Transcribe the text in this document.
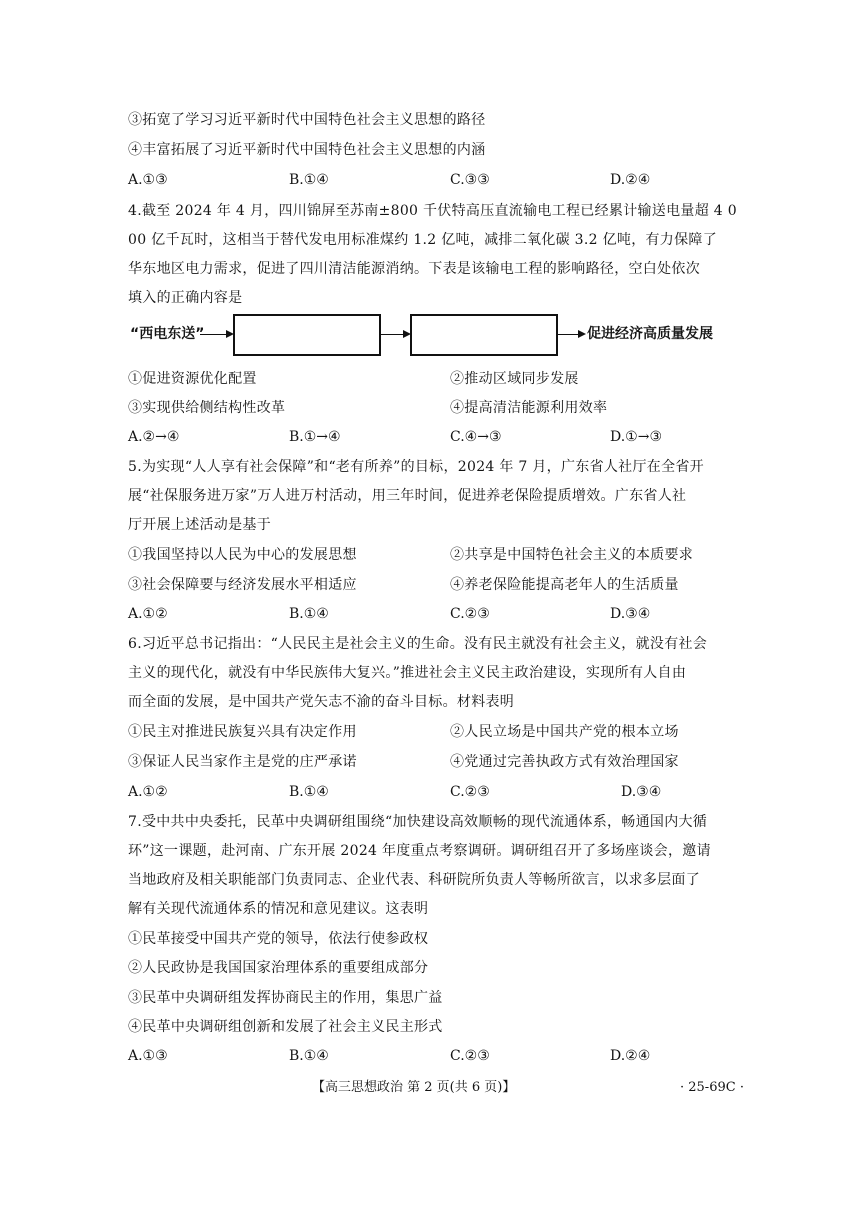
③拓宽了学习习近平新时代中国特色社会主义思想的路径
④丰富拓展了习近平新时代中国特色社会主义思想的内涵
A.①③	B.①④	C.③③	D.②④
4.截至 2024 年 4 月，四川锦屏至苏南±800 千伏特高压直流输电工程已经累计输送电量超 4 0
00 亿千瓦时，这相当于替代发电用标准煤约 1.2 亿吨，减排二氧化碳 3.2 亿吨，有力保障了
华东地区电力需求，促进了四川清洁能源消纳。下表是该输电工程的影响路径，空白处依次
填入的正确内容是
“西电东送”	促进经济高质量发展
①促进资源优化配置	②推动区域同步发展
③实现供给侧结构性改革	④提高清洁能源利用效率
A.②→④	B.①→④	C.④→③	D.①→③
5.为实现“人人享有社会保障”和“老有所养”的目标，2024 年 7 月，广东省人社厅在全省开
展“社保服务进万家”万人进万村活动，用三年时间，促进养老保险提质增效。广东省人社
厅开展上述活动是基于
①我国坚持以人民为中心的发展思想	②共享是中国特色社会主义的本质要求
③社会保障要与经济发展水平相适应	④养老保险能提高老年人的生活质量
A.①②	B.①④	C.②③	D.③④
6.习近平总书记指出：“人民民主是社会主义的生命。没有民主就没有社会主义，就没有社会
主义的现代化，就没有中华民族伟大复兴。”推进社会主义民主政治建设，实现所有人自由
而全面的发展，是中国共产党矢志不渝的奋斗目标。材料表明
①民主对推进民族复兴具有决定作用	②人民立场是中国共产党的根本立场
③保证人民当家作主是党的庄严承诺	④党通过完善执政方式有效治理国家
A.①②	B.①④	C.②③	D.③④
7.受中共中央委托，民革中央调研组围绕“加快建设高效顺畅的现代流通体系，畅通国内大循
环”这一课题，赴河南、广东开展 2024 年度重点考察调研。调研组召开了多场座谈会，邀请
当地政府及相关职能部门负责同志、企业代表、科研院所负责人等畅所欲言，以求多层面了
解有关现代流通体系的情况和意见建议。这表明
①民革接受中国共产党的领导，依法行使参政权
②人民政协是我国国家治理体系的重要组成部分
③民革中央调研组发挥协商民主的作用，集思广益
④民革中央调研组创新和发展了社会主义民主形式
A.①③	B.①④	C.②③	D.②④
【高三思想政治 第 2 页(共 6 页)】	· 25-69C ·
